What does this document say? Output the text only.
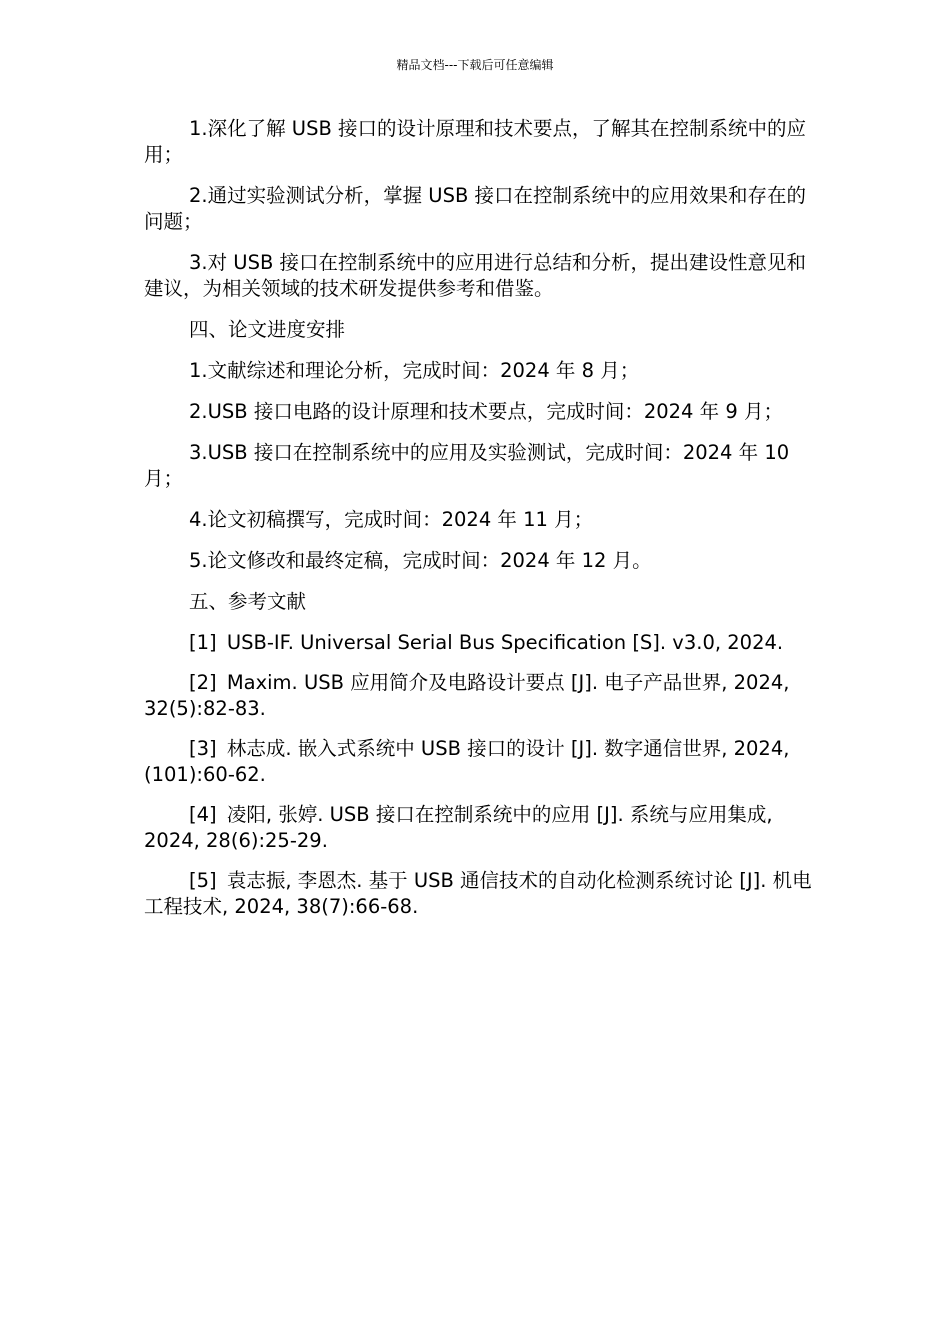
精品文档---下载后可任意编辑

1.深化了解 USB 接口的设计原理和技术要点，了解其在控制系统中的应用；

2.通过实验测试分析，掌握 USB 接口在控制系统中的应用效果和存在的问题；

3.对 USB 接口在控制系统中的应用进行总结和分析，提出建设性意见和建议，为相关领域的技术研发提供参考和借鉴。

四、论文进度安排

1.文献综述和理论分析，完成时间：2024 年 8 月；

2.USB 接口电路的设计原理和技术要点，完成时间：2024 年 9 月；

3.USB 接口在控制系统中的应用及实验测试，完成时间：2024 年 10 月；

4.论文初稿撰写，完成时间：2024 年 11 月；

5.论文修改和最终定稿，完成时间：2024 年 12 月。

五、参考文献

[1] USB-IF. Universal Serial Bus Specification [S]. v3.0, 2024.

[2] Maxim. USB 应用简介及电路设计要点 [J]. 电子产品世界, 2024, 32(5):82-83.

[3] 林志成. 嵌入式系统中 USB 接口的设计 [J]. 数字通信世界, 2024, (101):60-62.

[4] 凌阳, 张婷. USB 接口在控制系统中的应用 [J]. 系统与应用集成, 2024, 28(6):25-29.

[5] 袁志振, 李恩杰. 基于 USB 通信技术的自动化检测系统讨论 [J]. 机电工程技术, 2024, 38(7):66-68.
